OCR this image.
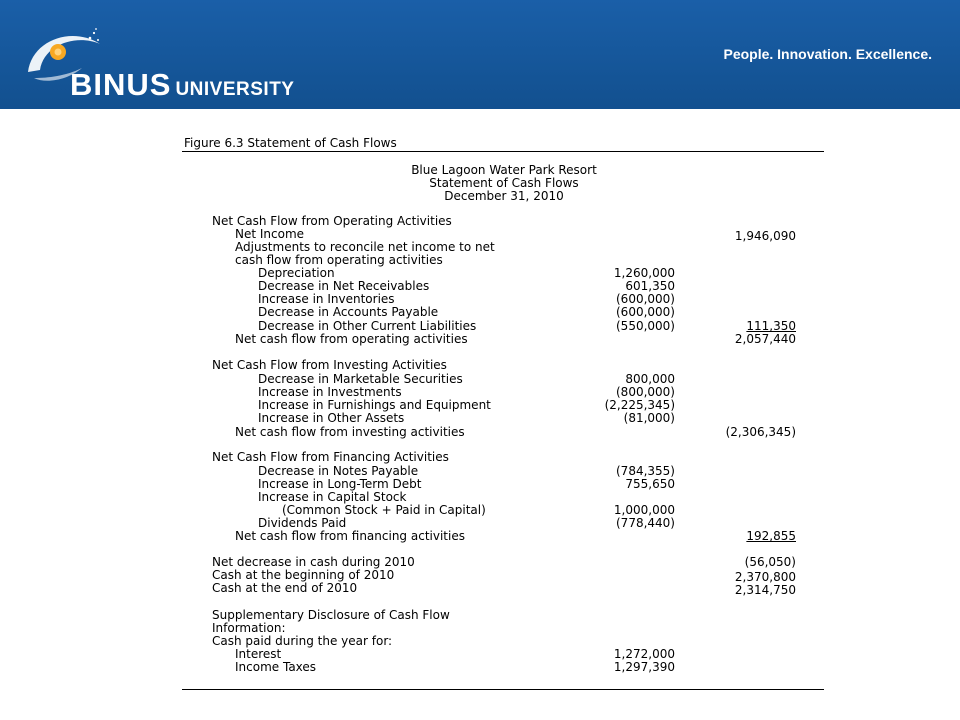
BINUS UNIVERSITY
People. Innovation. Excellence.
Figure 6.3 Statement of Cash Flows
Blue Lagoon Water Park Resort
Statement of Cash Flows
December 31, 2010
Net Cash Flow from Operating Activities
Net Income	1,946,090
Adjustments to reconcile net income to net
cash flow from operating activities
Depreciation	1,260,000
Decrease in Net Receivables	601,350
Increase in Inventories	(600,000)
Decrease in Accounts Payable	(600,000)
Decrease in Other Current Liabilities	(550,000)	111,350
Net cash flow from operating activities	2,057,440
Net Cash Flow from Investing Activities
Decrease in Marketable Securities	800,000
Increase in Investments	(800,000)
Increase in Furnishings and Equipment	(2,225,345)
Increase in Other Assets	(81,000)
Net cash flow from investing activities	(2,306,345)
Net Cash Flow from Financing Activities
Decrease in Notes Payable	(784,355)
Increase in Long-Term Debt	755,650
Increase in Capital Stock
(Common Stock + Paid in Capital)	1,000,000
Dividends Paid	(778,440)
Net cash flow from financing activities	192,855
Net decrease in cash during 2010	(56,050)
Cash at the beginning of 2010	2,370,800
Cash at the end of 2010	2,314,750
Supplementary Disclosure of Cash Flow
Information:
Cash paid during the year for:
Interest	1,272,000
Income Taxes	1,297,390
